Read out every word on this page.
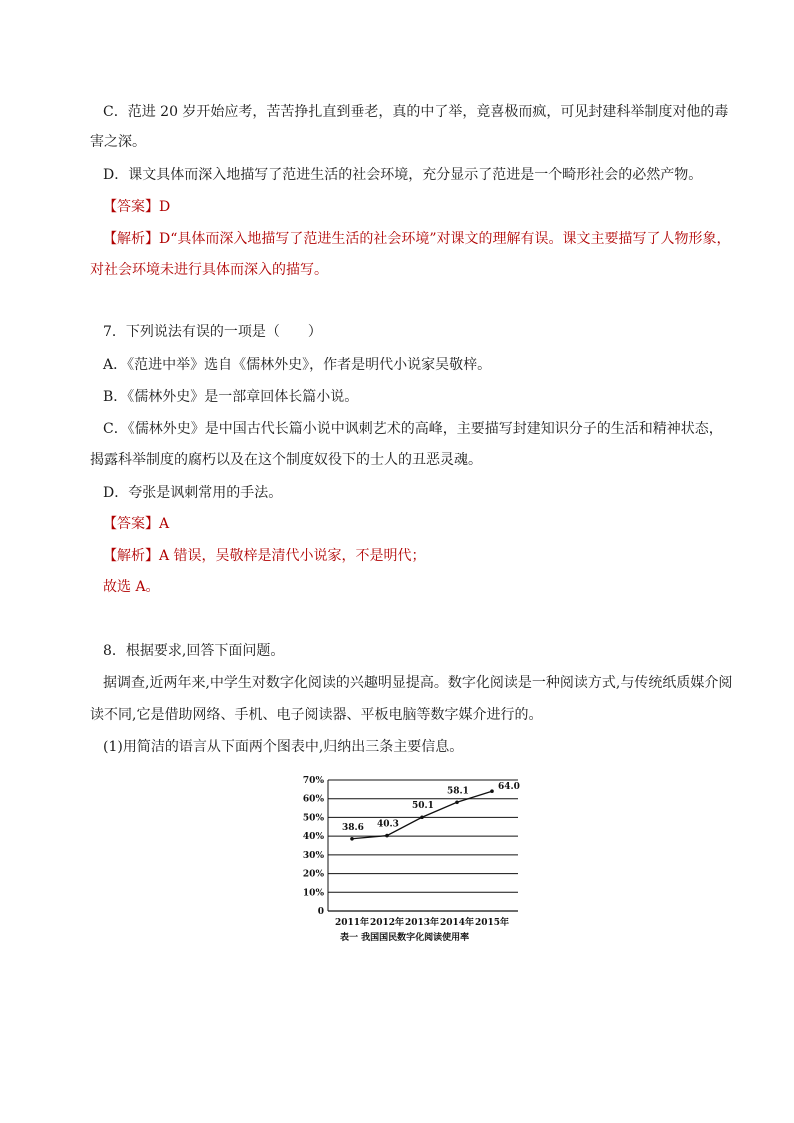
C．范进 20 岁开始应考，苦苦挣扎直到垂老，真的中了举，竟喜极而疯，可见封建科举制度对他的毒
害之深。
D．课文具体而深入地描写了范进生活的社会环境，充分显示了范进是一个畸形社会的必然产物。
【答案】D
【解析】D“具体而深入地描写了范进生活的社会环境”对课文的理解有误。课文主要描写了人物形象，
对社会环境未进行具体而深入的描写。
7．下列说法有误的一项是（　　）
A．《范进中举》选自《儒林外史》，作者是明代小说家吴敬梓。
B．《儒林外史》是一部章回体长篇小说。
C．《儒林外史》是中国古代长篇小说中讽刺艺术的高峰，主要描写封建知识分子的生活和精神状态，
揭露科举制度的腐朽以及在这个制度奴役下的士人的丑恶灵魂。
D．夸张是讽刺常用的手法。
【答案】A
【解析】A 错误，吴敬梓是清代小说家，不是明代；
故选 A。
8．根据要求,回答下面问题。
据调查,近两年来,中学生对数字化阅读的兴趣明显提高。数字化阅读是一种阅读方式,与传统纸质媒介阅
读不同,它是借助网络、手机、电子阅读器、平板电脑等数字媒介进行的。
(1)用简洁的语言从下面两个图表中,归纳出三条主要信息。
0
10%
20%
30%
40%
50%
60%
70%
38.6 40.3
50.1
58.1	64.0
2011年 2012年 2013年 2014年 2015年
表一 我国国民数字化阅读使用率
